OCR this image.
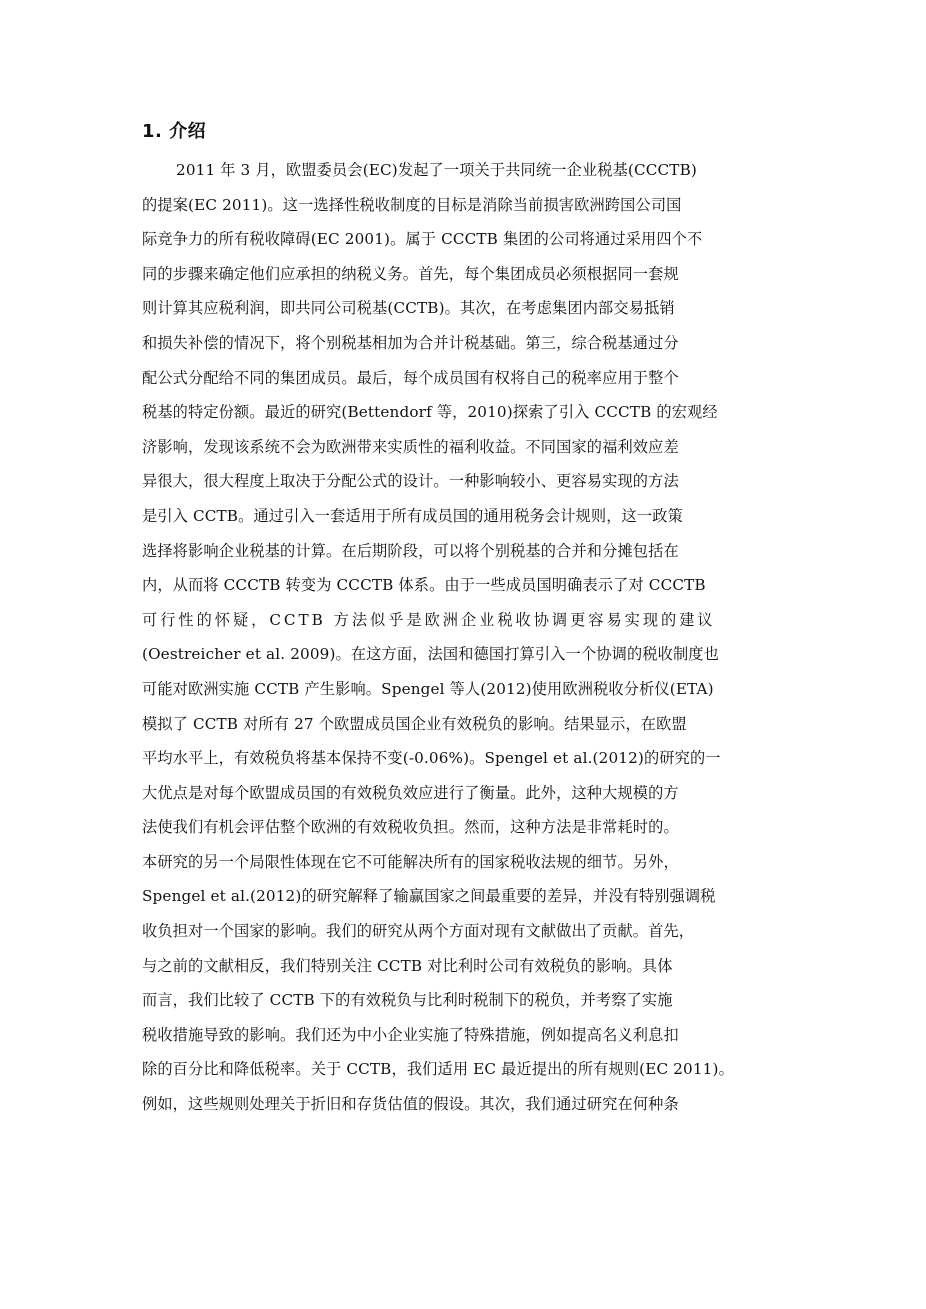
1. 介绍
2011 年 3 月，欧盟委员会(EC)发起了一项关于共同统一企业税基(CCCTB)
的提案(EC 2011)。这一选择性税收制度的目标是消除当前损害欧洲跨国公司国
际竞争力的所有税收障碍(EC 2001)。属于 CCCTB 集团的公司将通过采用四个不
同的步骤来确定他们应承担的纳税义务。首先，每个集团成员必须根据同一套规
则计算其应税利润，即共同公司税基(CCTB)。其次，在考虑集团内部交易抵销
和损失补偿的情况下，将个别税基相加为合并计税基础。第三，综合税基通过分
配公式分配给不同的集团成员。最后，每个成员国有权将自己的税率应用于整个
税基的特定份额。最近的研究(Bettendorf 等，2010)探索了引入 CCCTB 的宏观经
济影响，发现该系统不会为欧洲带来实质性的福利收益。不同国家的福利效应差
异很大，很大程度上取决于分配公式的设计。一种影响较小、更容易实现的方法
是引入 CCTB。通过引入一套适用于所有成员国的通用税务会计规则，这一政策
选择将影响企业税基的计算。在后期阶段，可以将个别税基的合并和分摊包括在
内，从而将 CCCTB 转变为 CCCTB 体系。由于一些成员国明确表示了对 CCCTB
可行性的怀疑，CCTB 方法似乎是欧洲企业税收协调更容易实现的建议
(Oestreicher et al. 2009)。在这方面，法国和德国打算引入一个协调的税收制度也
可能对欧洲实施 CCTB 产生影响。Spengel 等人(2012)使用欧洲税收分析仪(ETA)
模拟了 CCTB 对所有 27 个欧盟成员国企业有效税负的影响。结果显示，在欧盟
平均水平上，有效税负将基本保持不变(-0.06%)。Spengel et al.(2012)的研究的一
大优点是对每个欧盟成员国的有效税负效应进行了衡量。此外，这种大规模的方
法使我们有机会评估整个欧洲的有效税收负担。然而，这种方法是非常耗时的。
本研究的另一个局限性体现在它不可能解决所有的国家税收法规的细节。另外，
Spengel et al.(2012)的研究解释了输赢国家之间最重要的差异，并没有特别强调税
收负担对一个国家的影响。我们的研究从两个方面对现有文献做出了贡献。首先，
与之前的文献相反，我们特别关注 CCTB 对比利时公司有效税负的影响。具体
而言，我们比较了 CCTB 下的有效税负与比利时税制下的税负，并考察了实施
税收措施导致的影响。我们还为中小企业实施了特殊措施，例如提高名义利息扣
除的百分比和降低税率。关于 CCTB，我们适用 EC 最近提出的所有规则(EC 2011)。
例如，这些规则处理关于折旧和存货估值的假设。其次，我们通过研究在何种条
